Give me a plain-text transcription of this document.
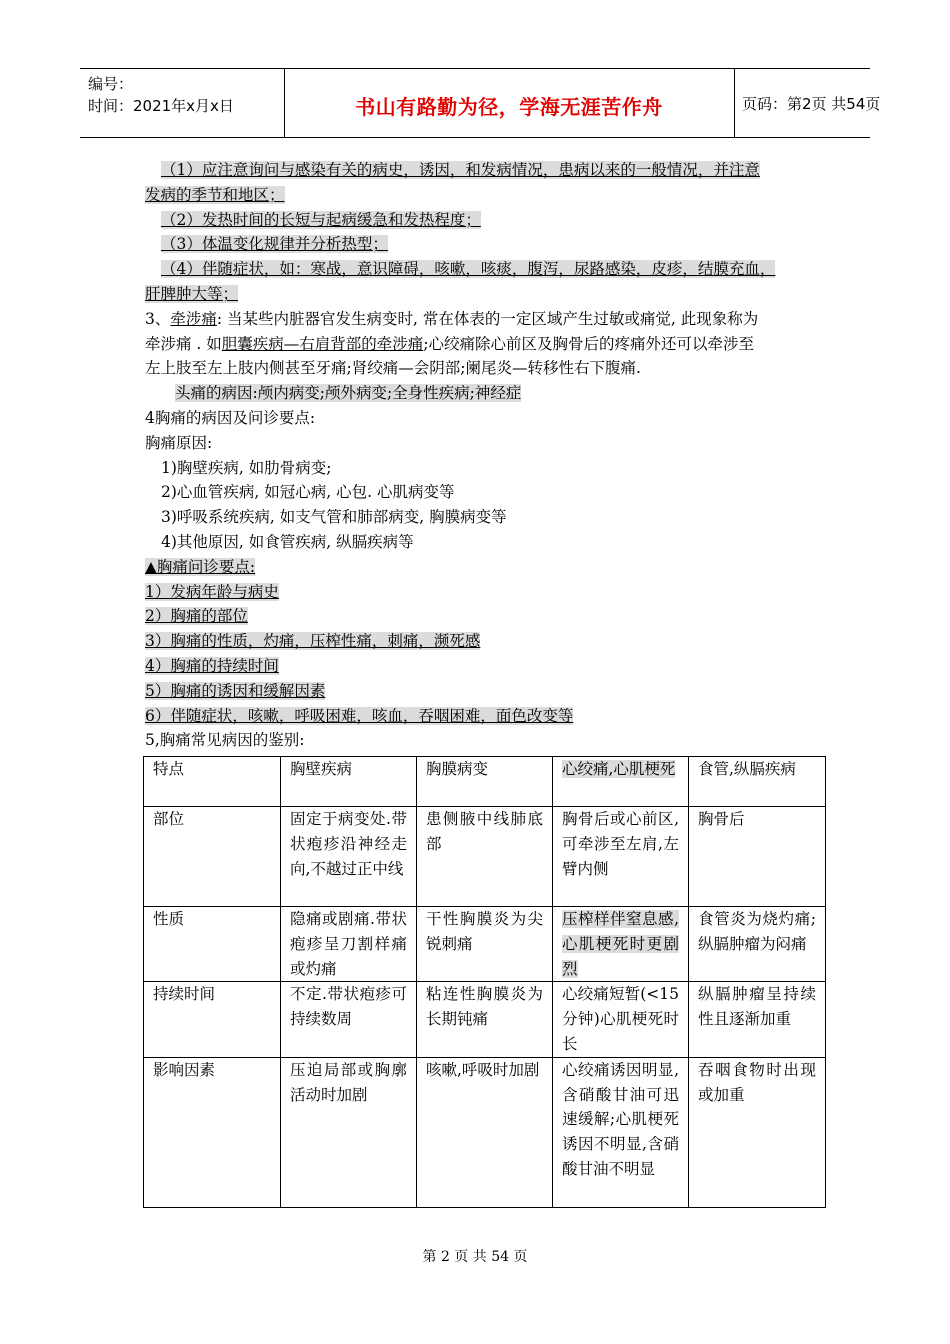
编号：
时间：2021年x月x日	书山有路勤为径，学海无涯苦作舟	页码：第2页 共54页
（1）应注意询问与感染有关的病史，诱因，和发病情况，患病以来的一般情况，并注意
发病的季节和地区；
（2）发热时间的长短与起病缓急和发热程度；
（3）体温变化规律并分析热型；
（4）伴随症状，如：寒战，意识障碍，咳嗽，咳痰，腹泻，尿路感染，皮疹，结膜充血，
肝脾肿大等；
3、牵涉痛: 当某些内脏器官发生病变时, 常在体表的一定区域产生过敏或痛觉, 此现象称为
牵涉痛 . 如胆囊疾病—右肩背部的牵涉痛;心绞痛除心前区及胸骨后的疼痛外还可以牵涉至
左上肢至左上肢内侧甚至牙痛;肾绞痛—会阴部;阑尾炎—转移性右下腹痛.
头痛的病因:颅内病变;颅外病变;全身性疾病;神经症
4胸痛的病因及问诊要点:
胸痛原因:
1)胸壁疾病, 如肋骨病变;
2)心血管疾病, 如冠心病, 心包. 心肌病变等
3)呼吸系统疾病, 如支气管和肺部病变, 胸膜病变等
4)其他原因, 如食管疾病, 纵膈疾病等
▲胸痛问诊要点:
1）发病年龄与病史
2）胸痛的部位
3）胸痛的性质，灼痛，压榨性痛，刺痛，濒死感
4）胸痛的持续时间
5）胸痛的诱因和缓解因素
6）伴随症状，咳嗽，呼吸困难，咳血，吞咽困难，面色改变等
5,胸痛常见病因的鉴别:
特点	胸壁疾病	胸膜病变	心绞痛,心肌梗死	食管,纵膈疾病
部位	固定于病变处.带状疱疹沿神经走向,不越过正中线	患侧腋中线肺底部	胸骨后或心前区,可牵涉至左肩,左臂内侧	胸骨后
性质	隐痛或剧痛.带状疱疹呈刀割样痛或灼痛	干性胸膜炎为尖锐刺痛	压榨样伴窒息感,心肌梗死时更剧烈	食管炎为烧灼痛;纵膈肿瘤为闷痛
持续时间	不定.带状疱疹可持续数周	粘连性胸膜炎为长期钝痛	心绞痛短暂(<15分钟)心肌梗死时长	纵膈肿瘤呈持续性且逐渐加重
影响因素	压迫局部或胸廓活动时加剧	咳嗽,呼吸时加剧	心绞痛诱因明显,含硝酸甘油可迅速缓解;心肌梗死诱因不明显,含硝酸甘油不明显	吞咽食物时出现或加重
第 2 页 共 54 页
